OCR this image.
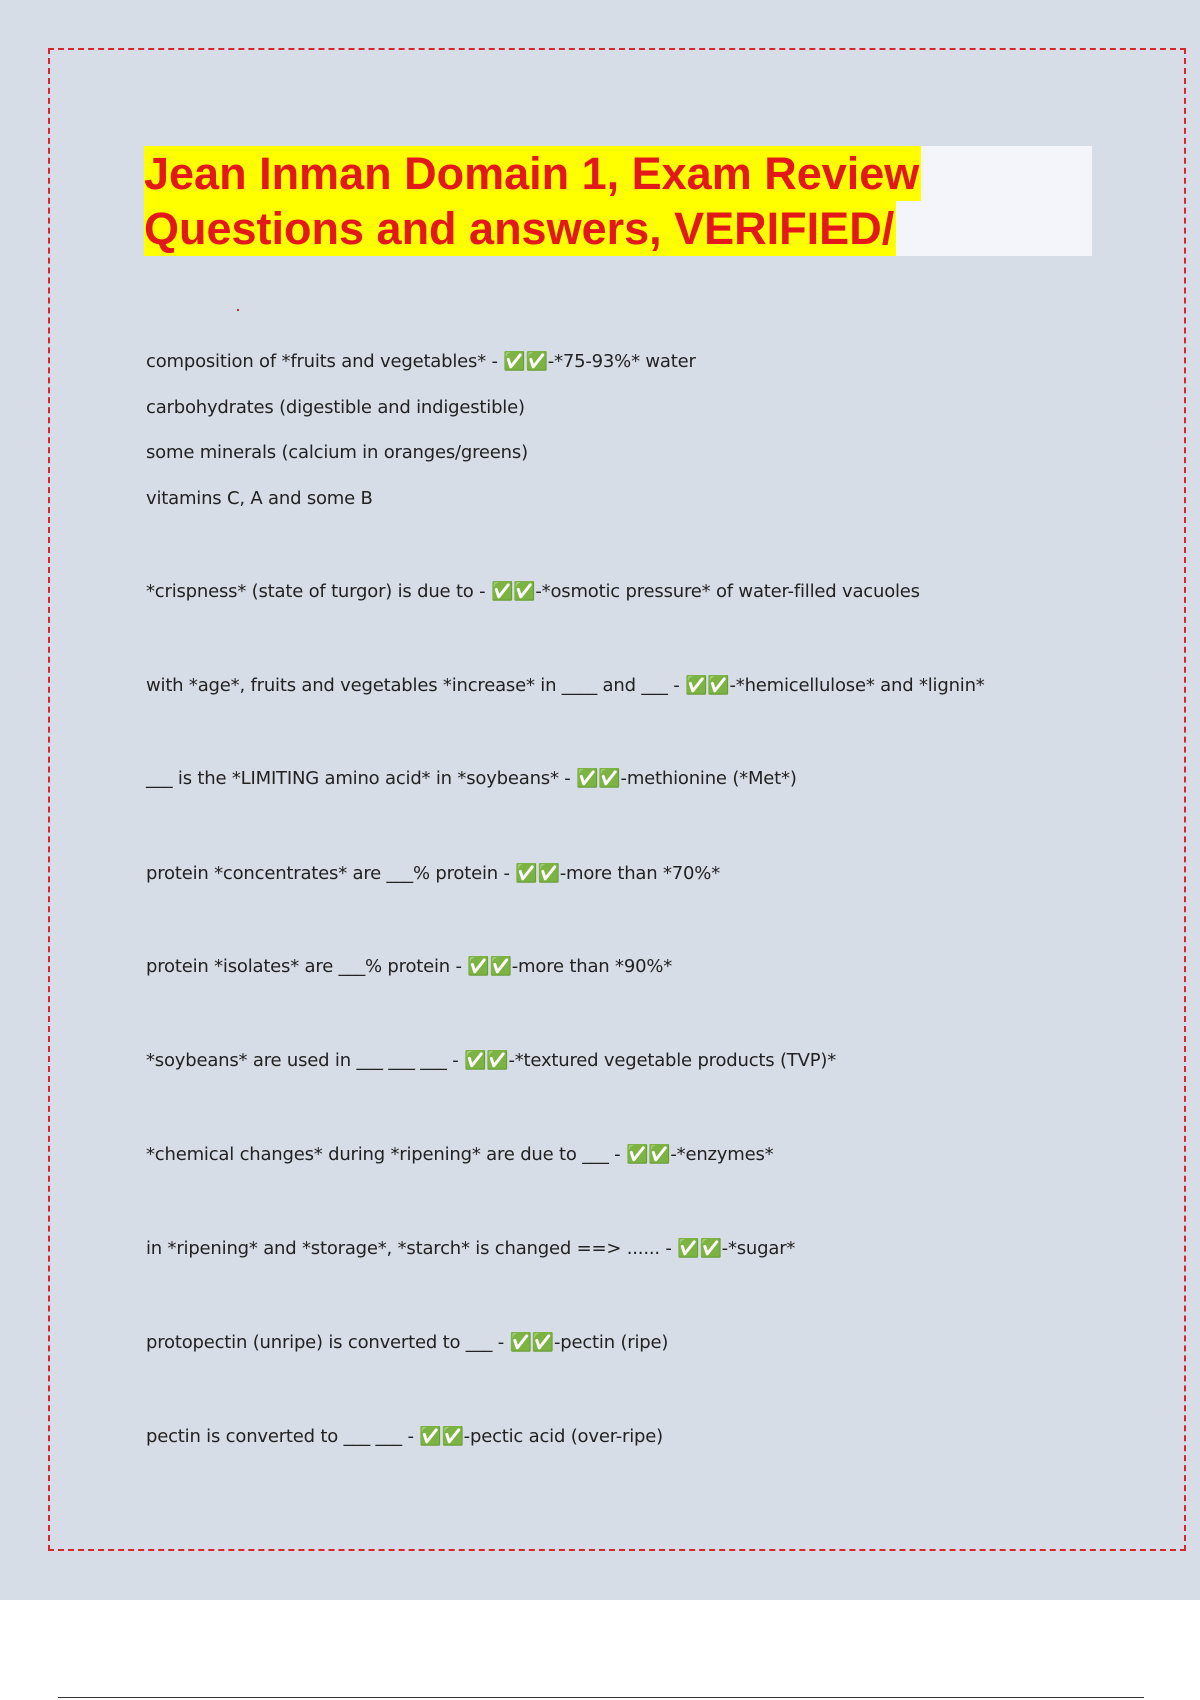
Jean Inman Domain 1, Exam Review
Questions and answers, VERIFIED/
composition of *fruits and vegetables* - ✅✅-*75-93%* water
carbohydrates (digestible and indigestible)
some minerals (calcium in oranges/greens)
vitamins C, A and some B
*crispness* (state of turgor) is due to - ✅✅-*osmotic pressure* of water-filled vacuoles
with *age*, fruits and vegetables *increase* in ____ and ___ - ✅✅-*hemicellulose* and *lignin*
___ is the *LIMITING amino acid* in *soybeans* - ✅✅-methionine (*Met*)
protein *concentrates* are ___% protein - ✅✅-more than *70%*
protein *isolates* are ___% protein - ✅✅-more than *90%*
*soybeans* are used in ___ ___ ___ - ✅✅-*textured vegetable products (TVP)*
*chemical changes* during *ripening* are due to ___ - ✅✅-*enzymes*
in *ripening* and *storage*, *starch* is changed ==> ...... - ✅✅-*sugar*
protopectin (unripe) is converted to ___ - ✅✅-pectin (ripe)
pectin is converted to ___ ___ - ✅✅-pectic acid (over-ripe)
